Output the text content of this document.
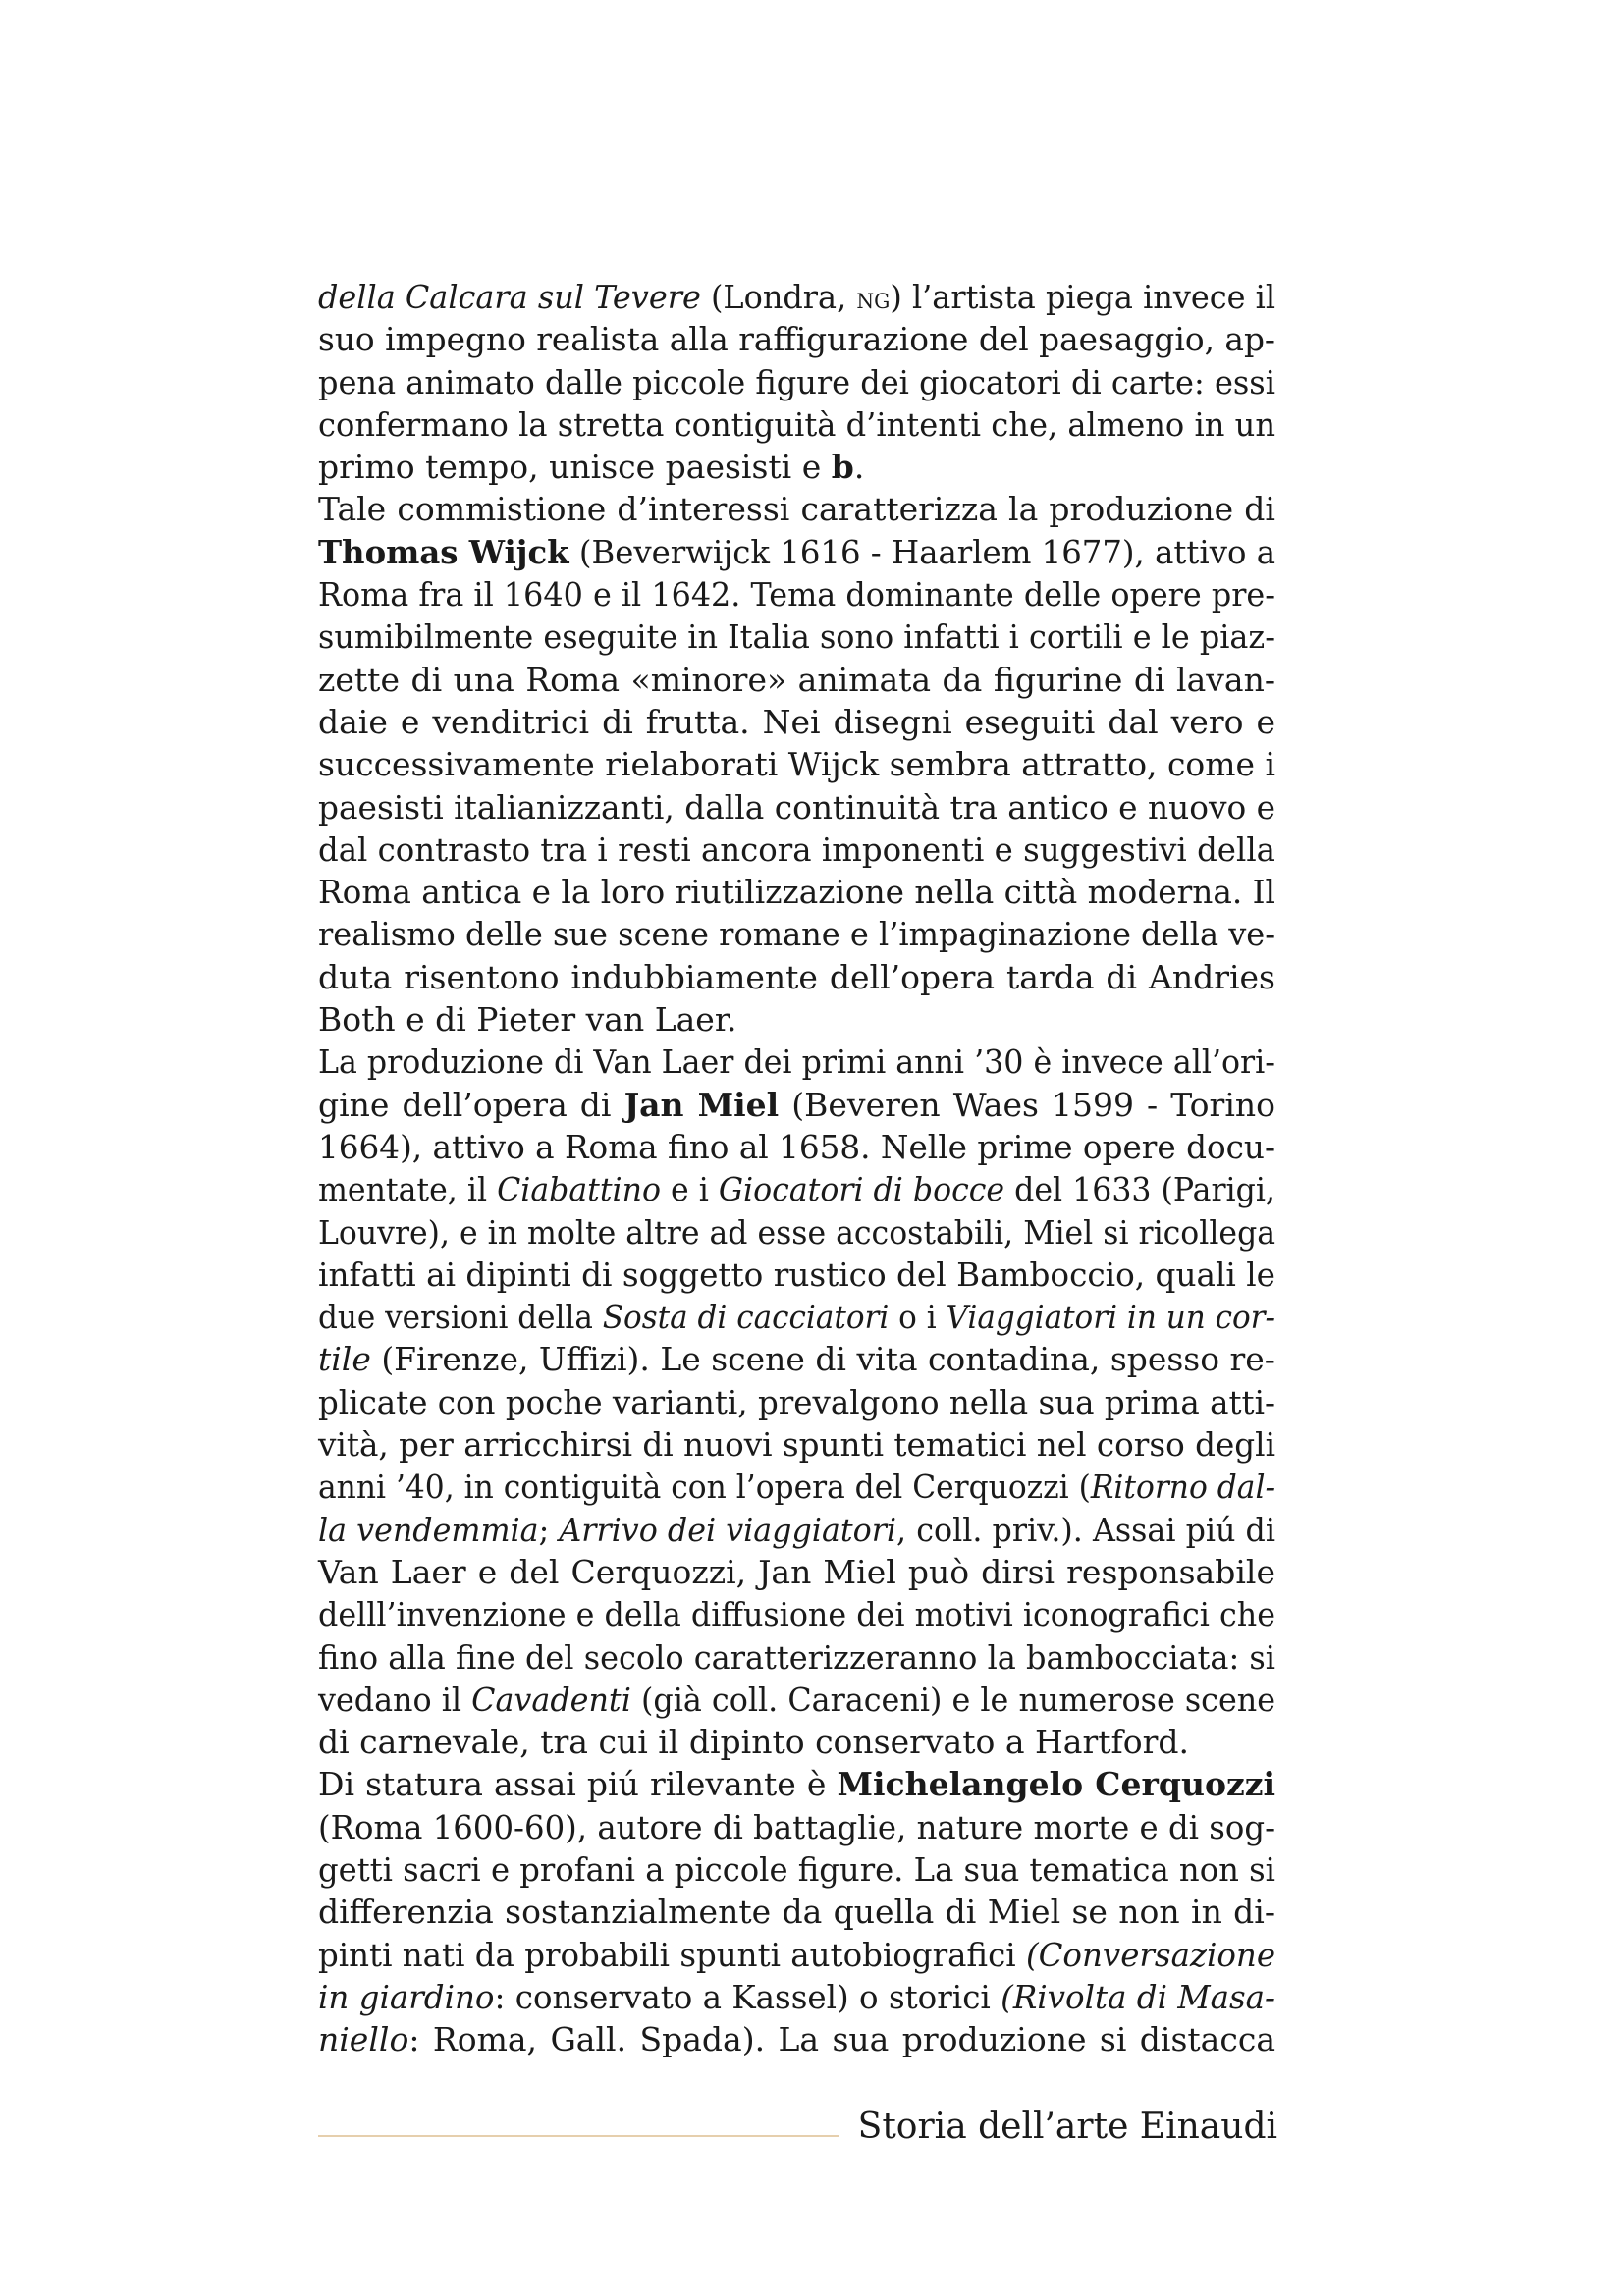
della Calcara sul Tevere (Londra, ng) l’artista piega invece il
suo impegno realista alla raffigurazione del paesaggio, ap-
pena animato dalle piccole figure dei giocatori di carte: essi
confermano la stretta contiguità d’intenti che, almeno in un
primo tempo, unisce paesisti e b.
Tale commistione d’interessi caratterizza la produzione di
Thomas Wijck (Beverwijck 1616 - Haarlem 1677), attivo a
Roma fra il 1640 e il 1642. Tema dominante delle opere pre-
sumibilmente eseguite in Italia sono infatti i cortili e le piaz-
zette di una Roma «minore» animata da figurine di lavan-
daie e venditrici di frutta. Nei disegni eseguiti dal vero e
successivamente rielaborati Wijck sembra attratto, come i
paesisti italianizzanti, dalla continuità tra antico e nuovo e
dal contrasto tra i resti ancora imponenti e suggestivi della
Roma antica e la loro riutilizzazione nella città moderna. Il
realismo delle sue scene romane e l’impaginazione della ve-
duta risentono indubbiamente dell’opera tarda di Andries
Both e di Pieter van Laer.
La produzione di Van Laer dei primi anni ’30 è invece all’ori-
gine dell’opera di Jan Miel (Beveren Waes 1599 - Torino
1664), attivo a Roma fino al 1658. Nelle prime opere docu-
mentate, il Ciabattino e i Giocatori di bocce del 1633 (Parigi,
Louvre), e in molte altre ad esse accostabili, Miel si ricollega
infatti ai dipinti di soggetto rustico del Bamboccio, quali le
due versioni della Sosta di cacciatori o i Viaggiatori in un cor-
tile (Firenze, Uffizi). Le scene di vita contadina, spesso re-
plicate con poche varianti, prevalgono nella sua prima atti-
vità, per arricchirsi di nuovi spunti tematici nel corso degli
anni ’40, in contiguità con l’opera del Cerquozzi (Ritorno dal-
la vendemmia; Arrivo dei viaggiatori, coll. priv.). Assai piú di
Van Laer e del Cerquozzi, Jan Miel può dirsi responsabile
delll’invenzione e della diffusione dei motivi iconografici che
fino alla fine del secolo caratterizzeranno la bambocciata: si
vedano il Cavadenti (già coll. Caraceni) e le numerose scene
di carnevale, tra cui il dipinto conservato a Hartford.
Di statura assai piú rilevante è Michelangelo Cerquozzi
(Roma 1600-60), autore di battaglie, nature morte e di sog-
getti sacri e profani a piccole figure. La sua tematica non si
differenzia sostanzialmente da quella di Miel se non in di-
pinti nati da probabili spunti autobiografici (Conversazione
in giardino: conservato a Kassel) o storici (Rivolta di Masa-
niello: Roma, Gall. Spada). La sua produzione si distacca
Storia dell’arte Einaudi
